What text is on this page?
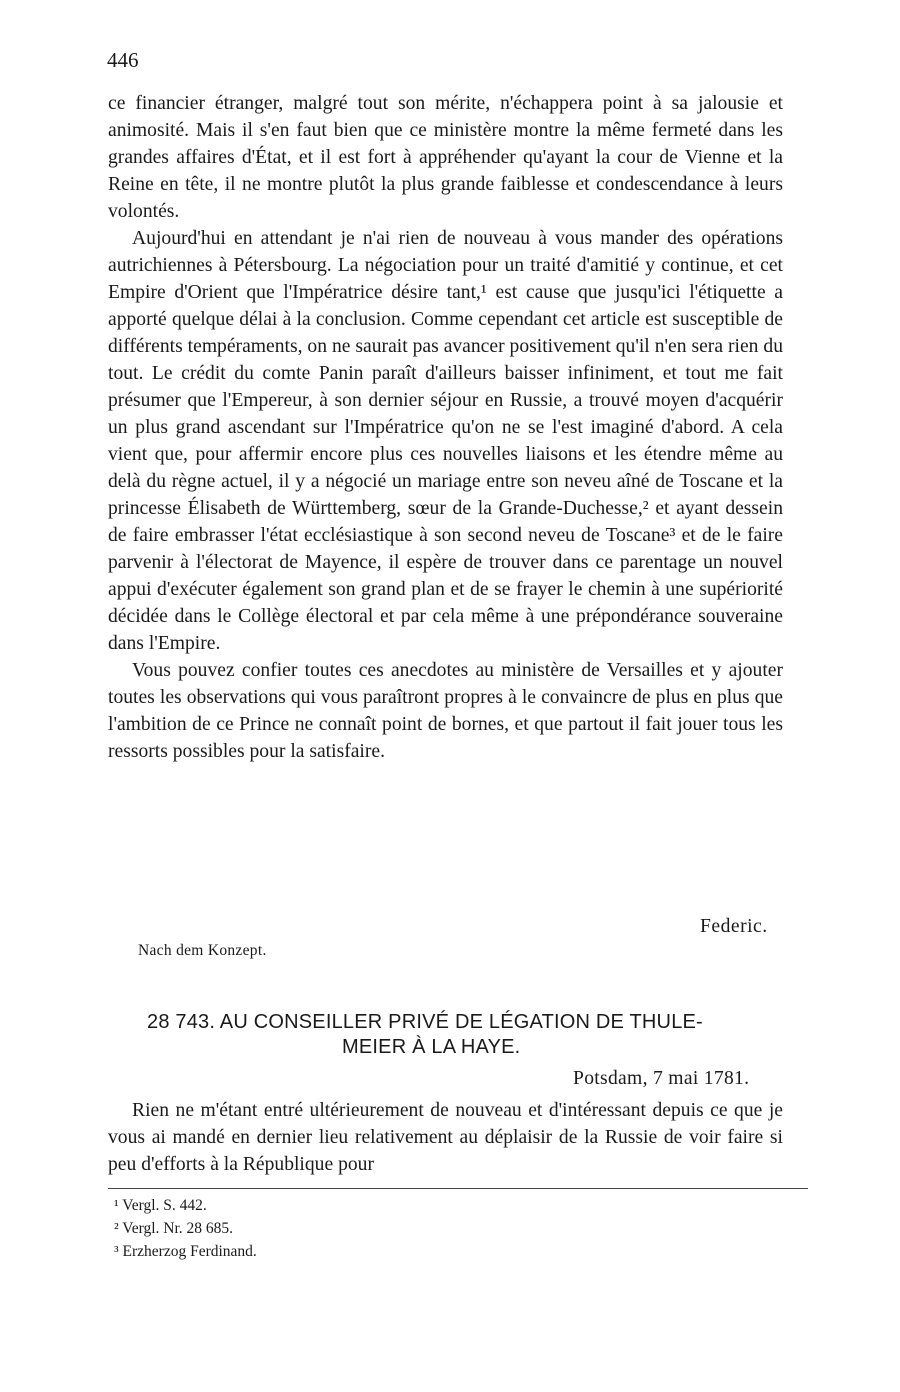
446

ce financier étranger, malgré tout son mérite, n'échappera point à sa jalousie et animosité. Mais il s'en faut bien que ce ministère montre la même fermeté dans les grandes affaires d'État, et il est fort à appréhender qu'ayant la cour de Vienne et la Reine en tête, il ne montre plutôt la plus grande faiblesse et condescendance à leurs volontés.

Aujourd'hui en attendant je n'ai rien de nouveau à vous mander des opérations autrichiennes à Pétersbourg. La négociation pour un traité d'amitié y continue, et cet Empire d'Orient que l'Impératrice désire tant,¹ est cause que jusqu'ici l'étiquette a apporté quelque délai à la conclusion. Comme cependant cet article est susceptible de différents tempéraments, on ne saurait pas avancer positivement qu'il n'en sera rien du tout. Le crédit du comte Panin paraît d'ailleurs baisser infiniment, et tout me fait présumer que l'Empereur, à son dernier séjour en Russie, a trouvé moyen d'acquérir un plus grand ascendant sur l'Impératrice qu'on ne se l'est imaginé d'abord. A cela vient que, pour affermir encore plus ces nouvelles liaisons et les étendre même au delà du règne actuel, il y a négocié un mariage entre son neveu aîné de Toscane et la princesse Élisabeth de Württemberg, sœur de la Grande-Duchesse,² et ayant dessein de faire embrasser l'état ecclésiastique à son second neveu de Toscane³ et de le faire parvenir à l'électorat de Mayence, il espère de trouver dans ce parentage un nouvel appui d'exécuter également son grand plan et de se frayer le chemin à une supériorité décidée dans le Collège électoral et par cela même à une prépondérance souveraine dans l'Empire.

Vous pouvez confier toutes ces anecdotes au ministère de Versailles et y ajouter toutes les observations qui vous paraîtront propres à le convaincre de plus en plus que l'ambition de ce Prince ne connaît point de bornes, et que partout il fait jouer tous les ressorts possibles pour la satisfaire.

Federic.
Nach dem Konzept.
28 743. AU CONSEILLER PRIVÉ DE LÉGATION DE THULE-
MEIER À LA HAYE.
Potsdam, 7 mai 1781.

Rien ne m'étant entré ultérieurement de nouveau et d'intéressant depuis ce que je vous ai mandé en dernier lieu relativement au déplaisir de la Russie de voir faire si peu d'efforts à la République pour

¹ Vergl. S. 442.
² Vergl. Nr. 28 685.
³ Erzherzog Ferdinand.
